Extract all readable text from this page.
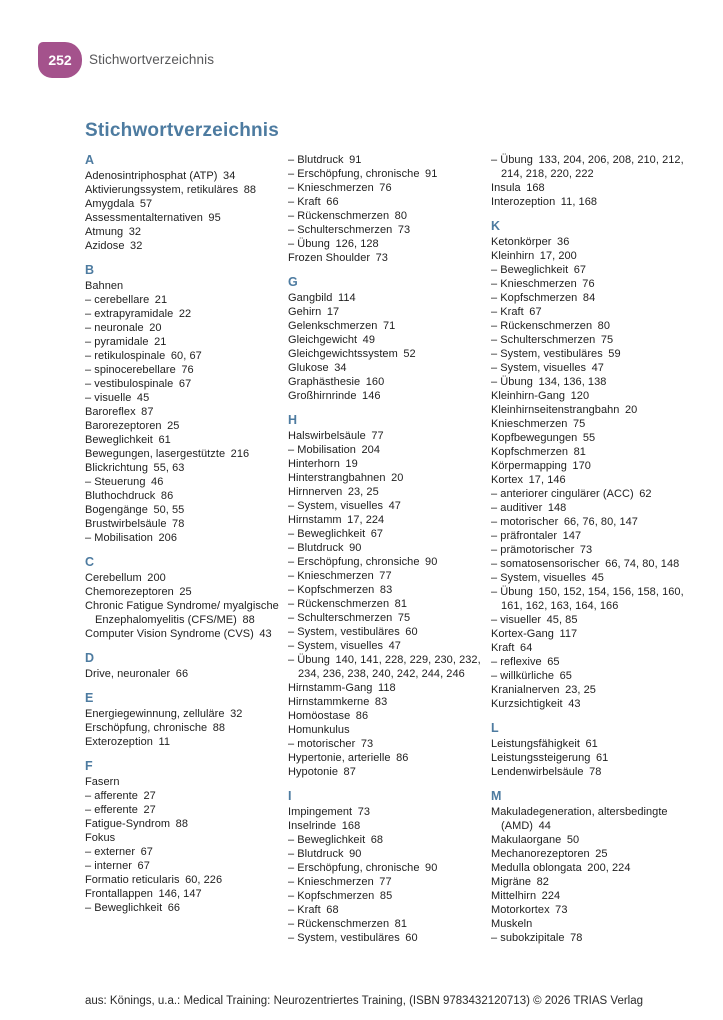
252 Stichwortverzeichnis
Stichwortverzeichnis
A
Adenosintriphosphat (ATP) 34
Aktivierungssystem, retikuläres 88
Amygdala 57
Assessmentalternativen 95
Atmung 32
Azidose 32
B
Bahnen
– cerebellare 21
– extrapyramidale 22
– neuronale 20
– pyramidale 21
– retikulospinale 60, 67
– spinocerebellare 76
– vestibulospinale 67
– visuelle 45
Baroreflex 87
Barorezeptoren 25
Beweglichkeit 61
Bewegungen, lasergestützte 216
Blickrichtung 55, 63
– Steuerung 46
Bluthochdruck 86
Bogengänge 50, 55
Brustwirbelsäule 78
– Mobilisation 206
C
Cerebellum 200
Chemorezeptoren 25
Chronic Fatigue Syndrome/ myalgische Enzephalomyelitis (CFS/ME) 88
Computer Vision Syndrome (CVS) 43
D
Drive, neuronaler 66
E
Energiegewinnung, zelluläre 32
Erschöpfung, chronische 88
Exterozeption 11
F
Fasern
– afferente 27
– efferente 27
Fatigue-Syndrom 88
Fokus
– externer 67
– interner 67
Formatio reticularis 60, 226
Frontallappen 146, 147
– Beweglichkeit 66
– Blutdruck 91
– Erschöpfung, chronische 91
– Knieschmerzen 76
– Kraft 66
– Rückenschmerzen 80
– Schulterschmerzen 73
– Übung 126, 128
Frozen Shoulder 73
G
Gangbild 114
Gehirn 17
Gelenkschmerzen 71
Gleichgewicht 49
Gleichgewichtssystem 52
Glukose 34
Graphästhesie 160
Großhirnrinde 146
H
Halswirbelsäule 77
– Mobilisation 204
Hinterhorn 19
Hinterstrangbahnen 20
Hirnnerven 23, 25
– System, visuelles 47
Hirnstamm 17, 224
– Beweglichkeit 67
– Blutdruck 90
– Erschöpfung, chronsiche 90
– Knieschmerzen 77
– Kopfschmerzen 83
– Rückenschmerzen 81
– Schulterschmerzen 75
– System, vestibuläres 60
– System, visuelles 47
– Übung 140, 141, 228, 229, 230, 232, 234, 236, 238, 240, 242, 244, 246
Hirnstamm-Gang 118
Hirnstammkerne 83
Homöostase 86
Homunkulus
– motorischer 73
Hypertonie, arterielle 86
Hypotonie 87
I
Impingement 73
Inselrinde 168
– Beweglichkeit 68
– Blutdruck 90
– Erschöpfung, chronische 90
– Knieschmerzen 77
– Kopfschmerzen 85
– Kraft 68
– Rückenschmerzen 81
– System, vestibuläres 60
– Übung 133, 204, 206, 208, 210, 212, 214, 218, 220, 222
Insula 168
Interozeption 11, 168
K
Ketonkörper 36
Kleinhirn 17, 200
– Beweglichkeit 67
– Knieschmerzen 76
– Kopfschmerzen 84
– Kraft 67
– Rückenschmerzen 80
– Schulterschmerzen 75
– System, vestibuläres 59
– System, visuelles 47
– Übung 134, 136, 138
Kleinhirn-Gang 120
Kleinhirnseitenstrangbahn 20
Knieschmerzen 75
Kopfbewegungen 55
Kopfschmerzen 81
Körpermapping 170
Kortex 17, 146
– anteriorer cingulärer (ACC) 62
– auditiver 148
– motorischer 66, 76, 80, 147
– präfrontaler 147
– prämotorischer 73
– somatosensorischer 66, 74, 80, 148
– System, visuelles 45
– Übung 150, 152, 154, 156, 158, 160, 161, 162, 163, 164, 166
– visueller 45, 85
Kortex-Gang 117
Kraft 64
– reflexive 65
– willkürliche 65
Kranialnerven 23, 25
Kurzsichtigkeit 43
L
Leistungsfähigkeit 61
Leistungssteigerung 61
Lendenwirbelsäule 78
M
Makuladegeneration, altersbedingte (AMD) 44
Makulaorgane 50
Mechanorezeptoren 25
Medulla oblongata 200, 224
Migräne 82
Mittelhirn 224
Motorkortex 73
Muskeln
– subokzipitale 78
aus: Könings, u.a.: Medical Training: Neurozentriertes Training, (ISBN 9783432120713) © 2026 TRIAS Verlag
